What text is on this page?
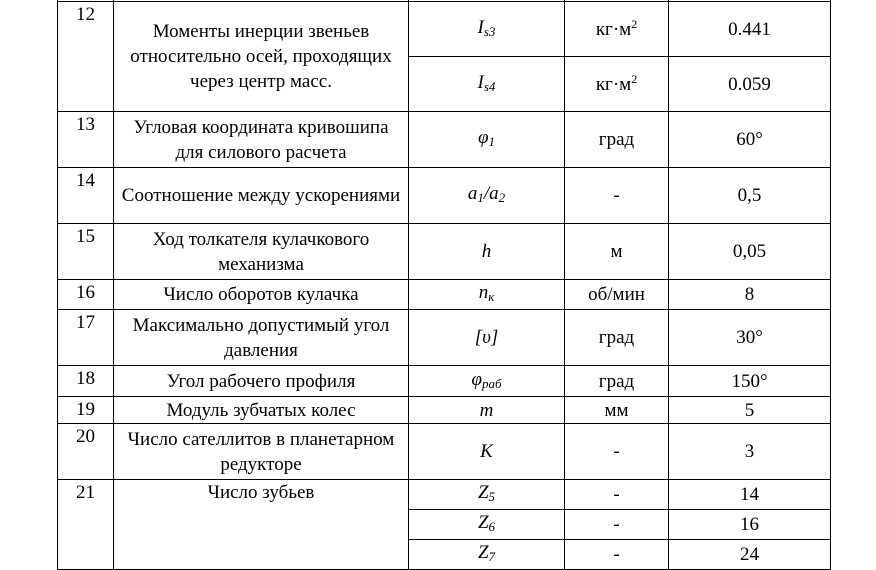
12	Моменты инерции звеньев относительно осей, проходящих через центр масс.	$I_{s3}$	$кг\cdot м^2$	0.441
		$I_{s4}$	$кг\cdot м^2$	0.059
13	Угловая координата кривошипа для силового расчета	$\varphi_1$	град	60°
14	Соотношение между ускорениями	$a_1/a_2$	-	0,5
15	Ход толкателя кулачкового механизма	h	м	0,05
16	Число оборотов кулачка	$n_к$	об/мин	8
17	Максимально допустимый угол давления	[υ]	град	30°
18	Угол рабочего профиля	$\varphi_{раб}$	град	150°
19	Модуль зубчатых колес	m	мм	5
20	Число сателлитов в планетарном редукторе	K	-	3
21	Число зубьев	$Z_5$	-	14
		$Z_6$	-	16
		$Z_7$	-	24
